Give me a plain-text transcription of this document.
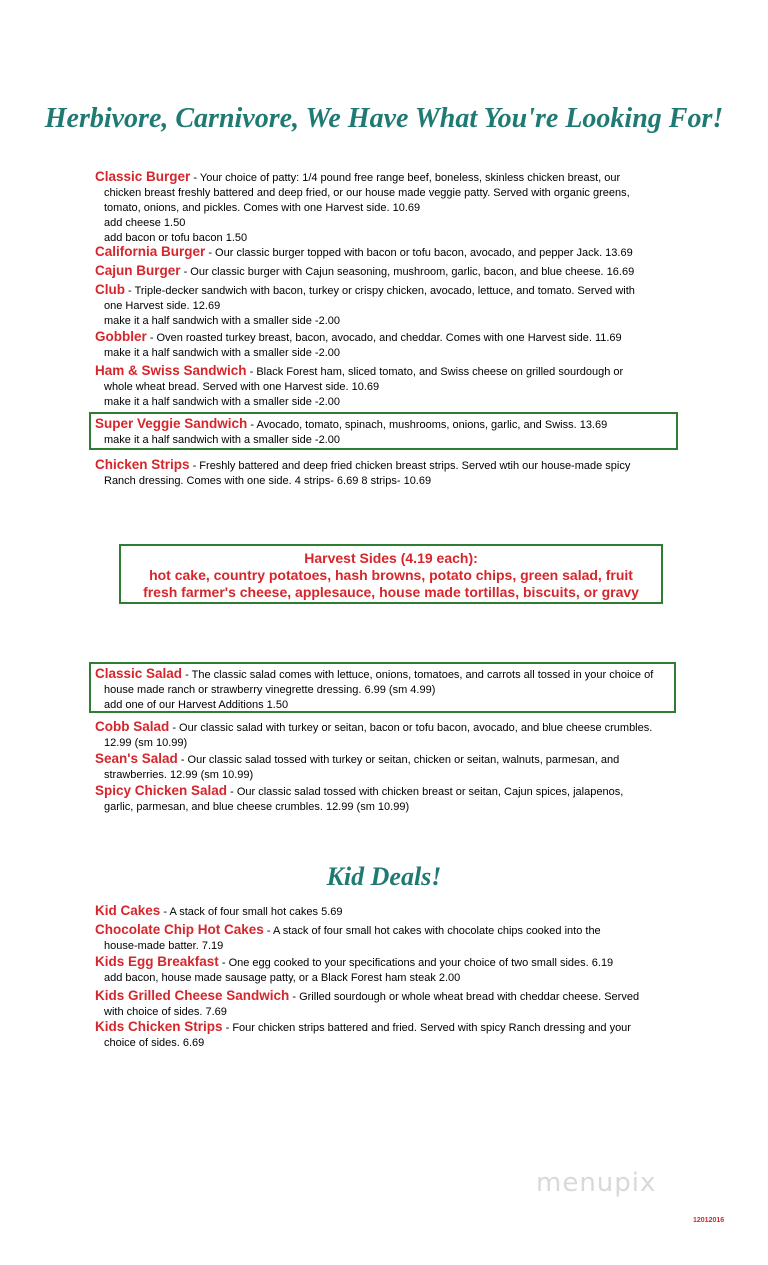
Herbivore, Carnivore, We Have What You're Looking For!
Classic Burger - Your choice of patty: 1/4 pound free range beef, boneless, skinless chicken breast, our
chicken breast freshly battered and deep fried, or our house made veggie patty. Served with organic greens,
tomato, onions, and pickles. Comes with one Harvest side. 10.69
add cheese 1.50
add bacon or tofu bacon 1.50
California Burger - Our classic burger topped with bacon or tofu bacon, avocado, and pepper Jack. 13.69
Cajun Burger - Our classic burger with Cajun seasoning, mushroom, garlic, bacon, and blue cheese. 16.69
Club - Triple-decker sandwich with bacon, turkey or crispy chicken, avocado, lettuce, and tomato. Served with
one Harvest side. 12.69
make it a half sandwich with a smaller side -2.00
Gobbler - Oven roasted turkey breast, bacon, avocado, and cheddar. Comes with one Harvest side. 11.69
make it a half sandwich with a smaller side -2.00
Ham & Swiss Sandwich - Black Forest ham, sliced tomato, and Swiss cheese on grilled sourdough or
whole wheat bread. Served with one Harvest side. 10.69
make it a half sandwich with a smaller side -2.00
Super Veggie Sandwich - Avocado, tomato, spinach, mushrooms, onions, garlic, and Swiss. 13.69
make it a half sandwich with a smaller side -2.00
Chicken Strips - Freshly battered and deep fried chicken breast strips. Served wtih our house-made spicy
Ranch dressing. Comes with one side. 4 strips- 6.69 8 strips- 10.69
Harvest Sides (4.19 each):
hot cake, country potatoes, hash browns, potato chips, green salad, fruit
fresh farmer's cheese, applesauce, house made tortillas, biscuits, or gravy
Classic Salad - The classic salad comes with lettuce, onions, tomatoes, and carrots all tossed in your choice of
house made ranch or strawberry vinegrette dressing. 6.99 (sm 4.99)
add one of our Harvest Additions 1.50
Cobb Salad - Our classic salad with turkey or seitan, bacon or tofu bacon, avocado, and blue cheese crumbles.
12.99 (sm 10.99)
Sean's Salad - Our classic salad tossed with turkey or seitan, chicken or seitan, walnuts, parmesan, and
strawberries. 12.99 (sm 10.99)
Spicy Chicken Salad - Our classic salad tossed with chicken breast or seitan, Cajun spices, jalapenos,
garlic, parmesan, and blue cheese crumbles. 12.99 (sm 10.99)
Kid Deals!
Kid Cakes - A stack of four small hot cakes 5.69
Chocolate Chip Hot Cakes - A stack of four small hot cakes with chocolate chips cooked into the
house-made batter. 7.19
Kids Egg Breakfast - One egg cooked to your specifications and your choice of two small sides. 6.19
add bacon, house made sausage patty, or a Black Forest ham steak 2.00
Kids Grilled Cheese Sandwich - Grilled sourdough or whole wheat bread with cheddar cheese. Served
with choice of sides. 7.69
Kids Chicken Strips - Four chicken strips battered and fried. Served with spicy Ranch dressing and your
choice of sides. 6.69
menupix
12012016
